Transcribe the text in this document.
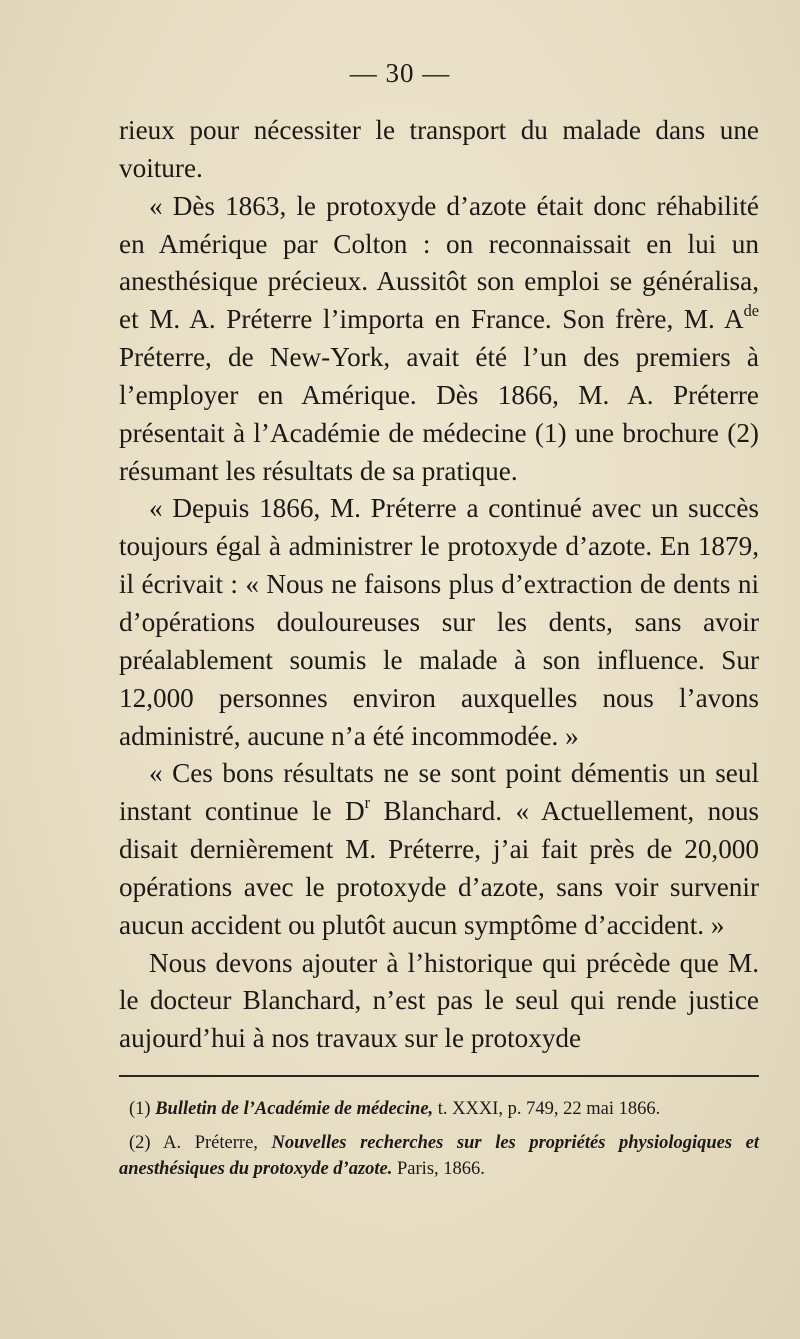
— 30 —

rieux pour nécessiter le transport du malade dans une voiture.

« Dès 1863, le protoxyde d’azote était donc réhabilité en Amérique par Colton : on reconnaissait en lui un anesthésique précieux. Aussitôt son emploi se généralisa, et M. A. Préterre l’importa en France. Son frère, M. $A^{de}$ Préterre, de New-York, avait été l’un des premiers à l’employer en Amérique. Dès 1866, M. A. Préterre présentait à l’Académie de médecine (1) une brochure (2) résumant les résultats de sa pratique.

« Depuis 1866, M. Préterre a continué avec un succès toujours égal à administrer le protoxyde d’azote. En 1879, il écrivait : « Nous ne faisons plus d’extraction de dents ni d’opérations douloureuses sur les dents, sans avoir préalablement soumis le malade à son influence. Sur 12,000 personnes environ auxquelles nous l’avons administré, aucune n’a été incommodée. »

« Ces bons résultats ne se sont point démentis un seul instant continue le $D^r$ Blanchard. « Actuellement, nous disait dernièrement M. Préterre, j’ai fait près de 20,000 opérations avec le protoxyde d’azote, sans voir survenir aucun accident ou plutôt aucun symptôme d’accident. »

Nous devons ajouter à l’historique qui précède que M. le docteur Blanchard, n’est pas le seul qui rende justice aujourd’hui à nos travaux sur le protoxyde

(1) Bulletin de l’Académie de médecine, t. XXXI, p. 749, 22 mai 1866.

(2) A. Préterre, Nouvelles recherches sur les propriétés physiologiques et anesthésiques du protoxyde d’azote. Paris, 1866.
